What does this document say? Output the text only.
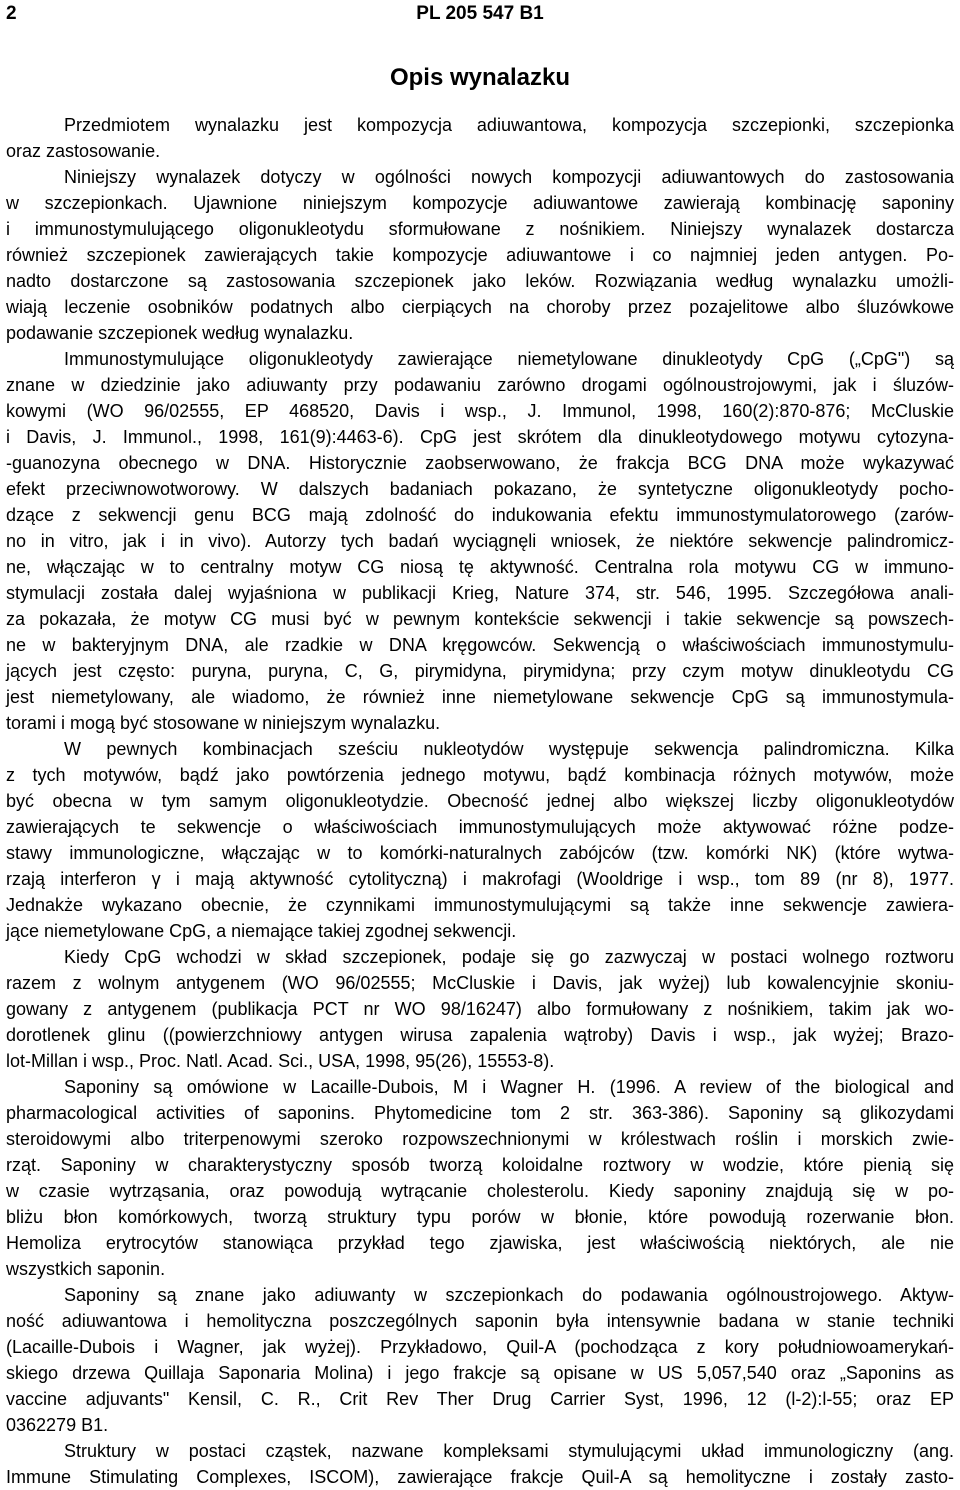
2	PL 205 547 B1
Opis wynalazku
Przedmiotem wynalazku jest kompozycja adiuwantowa, kompozycja szczepionki, szczepionka
oraz zastosowanie.
Niniejszy wynalazek dotyczy w ogólności nowych kompozycji adiuwantowych do zastosowania
w szczepionkach. Ujawnione niniejszym kompozycje adiuwantowe zawierają kombinację saponiny
i immunostymulującego oligonukleotydu sformułowane z nośnikiem. Niniejszy wynalazek dostarcza
również szczepionek zawierających takie kompozycje adiuwantowe i co najmniej jeden antygen. Po-
nadto dostarczone są zastosowania szczepionek jako leków. Rozwiązania według wynalazku umożli-
wiają leczenie osobników podatnych albo cierpiących na choroby przez pozajelitowe albo śluzówkowe
podawanie szczepionek według wynalazku.
Immunostymulujące oligonukleotydy zawierające niemetylowane dinukleotydy CpG („CpG") są
znane w dziedzinie jako adiuwanty przy podawaniu zarówno drogami ogólnoustrojowymi, jak i śluzów-
kowymi (WO 96/02555, EP 468520, Davis i wsp., J. Immunol, 1998, 160(2):870-876; McCluskie
i Davis, J. Immunol., 1998, 161(9):4463-6). CpG jest skrótem dla dinukleotydowego motywu cytozyna-
-guanozyna obecnego w DNA. Historycznie zaobserwowano, że frakcja BCG DNA może wykazywać
efekt przeciwnowotworowy. W dalszych badaniach pokazano, że syntetyczne oligonukleotydy pocho-
dzące z sekwencji genu BCG mają zdolność do indukowania efektu immunostymulatorowego (zarów-
no in vitro, jak i in vivo). Autorzy tych badań wyciągnęli wniosek, że niektóre sekwencje palindromicz-
ne, włączając w to centralny motyw CG niosą tę aktywność. Centralna rola motywu CG w immuno-
stymulacji została dalej wyjaśniona w publikacji Krieg, Nature 374, str. 546, 1995. Szczegółowa anali-
za pokazała, że motyw CG musi być w pewnym kontekście sekwencji i takie sekwencje są powszech-
ne w bakteryjnym DNA, ale rzadkie w DNA kręgowców. Sekwencją o właściwościach immunostymulu-
jących jest często: puryna, puryna, C, G, pirymidyna, pirymidyna; przy czym motyw dinukleotydu CG
jest niemetylowany, ale wiadomo, że również inne niemetylowane sekwencje CpG są immunostymula-
torami i mogą być stosowane w niniejszym wynalazku.
W pewnych kombinacjach sześciu nukleotydów występuje sekwencja palindromiczna. Kilka
z tych motywów, bądź jako powtórzenia jednego motywu, bądź kombinacja różnych motywów, może
być obecna w tym samym oligonukleotydzie. Obecność jednej albo większej liczby oligonukleotydów
zawierających te sekwencje o właściwościach immunostymulujących może aktywować różne podze-
stawy immunologiczne, włączając w to komórki-naturalnych zabójców (tzw. komórki NK) (które wytwa-
rzają interferon γ i mają aktywność cytolityczną) i makrofagi (Wooldrige i wsp., tom 89 (nr 8), 1977.
Jednakże wykazano obecnie, że czynnikami immunostymulującymi są także inne sekwencje zawiera-
jące niemetylowane CpG, a niemające takiej zgodnej sekwencji.
Kiedy CpG wchodzi w skład szczepionek, podaje się go zazwyczaj w postaci wolnego roztworu
razem z wolnym antygenem (WO 96/02555; McCluskie i Davis, jak wyżej) lub kowalencyjnie skoniu-
gowany z antygenem (publikacja PCT nr WO 98/16247) albo formułowany z nośnikiem, takim jak wo-
dorotlenek glinu ((powierzchniowy antygen wirusa zapalenia wątroby) Davis i wsp., jak wyżej; Brazo-
lot-Millan i wsp., Proc. Natl. Acad. Sci., USA, 1998, 95(26), 15553-8).
Saponiny są omówione w Lacaille-Dubois, M i Wagner H. (1996. A review of the biological and
pharmacological activities of saponins. Phytomedicine tom 2 str. 363-386). Saponiny są glikozydami
steroidowymi albo triterpenowymi szeroko rozpowszechnionymi w królestwach roślin i morskich zwie-
rząt. Saponiny w charakterystyczny sposób tworzą koloidalne roztwory w wodzie, które pienią się
w czasie wytrząsania, oraz powodują wytrącanie cholesterolu. Kiedy saponiny znajdują się w po-
bliżu błon komórkowych, tworzą struktury typu porów w błonie, które powodują rozerwanie błon.
Hemoliza erytrocytów stanowiąca przykład tego zjawiska, jest właściwością niektórych, ale nie
wszystkich saponin.
Saponiny są znane jako adiuwanty w szczepionkach do podawania ogólnoustrojowego. Aktyw-
ność adiuwantowa i hemolityczna poszczególnych saponin była intensywnie badana w stanie techniki
(Lacaille-Dubois i Wagner, jak wyżej). Przykładowo, Quil-A (pochodząca z kory południowoamerykań-
skiego drzewa Quillaja Saponaria Molina) i jego frakcje są opisane w US 5,057,540 oraz „Saponins as
vaccine adjuvants" Kensil, C. R., Crit Rev Ther Drug Carrier Syst, 1996, 12 (l-2):l-55; oraz EP
0362279 B1.
Struktury w postaci cząstek, nazwane kompleksami stymulującymi układ immunologiczny (ang.
Immune Stimulating Complexes, ISCOM), zawierające frakcje Quil-A są hemolityczne i zostały zasto-
